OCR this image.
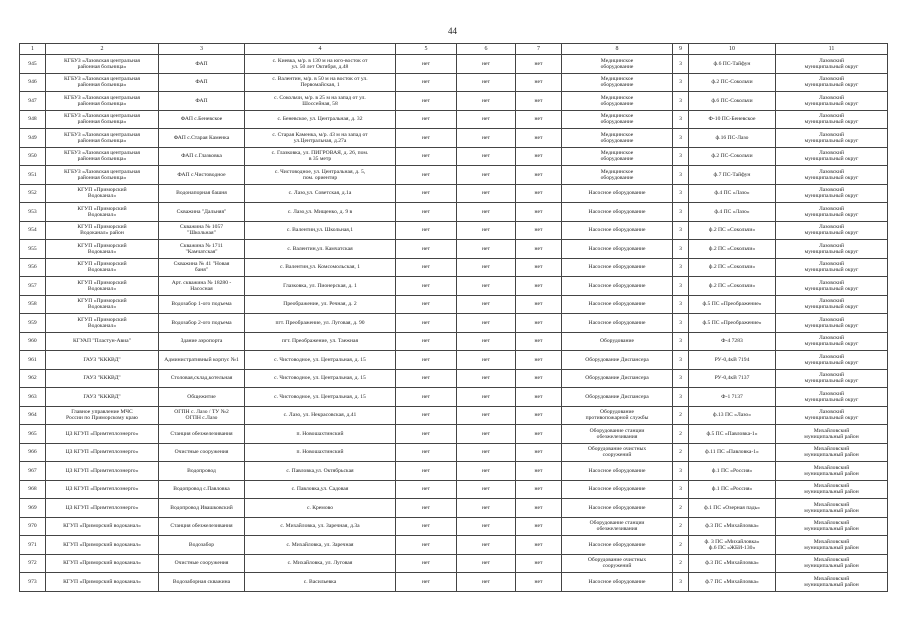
44
1	2	3	4	5	6	7	8	9	10	11
945	КГБУЗ «Лазовская центральная
районная больница»	ФАП	с. Киевка, м/р. в 130 м на юго-восток от
ул. 50 лет Октября, д.48	нет	нет	нет	Медицинское
оборудование	3	ф.6 ПС-Тайфун	Лазовский
муниципальный округ
946	КГБУЗ «Лазовская центральная
районная больница»	ФАП	с. Валентин, м/р. в 50 м на восток от ул.
Первомайская, 1	нет	нет	нет	Медицинское
оборудование	3	ф.2 ПС-Сокольчи	Лазовский
муниципальный округ
947	КГБУЗ «Лазовская центральная
районная больница»	ФАП	с. Сокольчи, м/р. в 25 м на запад от ул.
Шоссейная, 58	нет	нет	нет	Медицинское
оборудование	3	ф.6 ПС-Сокольчи	Лазовский
муниципальный округ
948	КГБУЗ «Лазовская центральная
районная больница»	ФАП с.Беневское	с. Беневское, ул. Центральная, д. 32	нет	нет	нет	Медицинское
оборудование	3	Ф-10 ПС-Беневское	Лазовский
муниципальный округ
949	КГБУЗ «Лазовская центральная
районная больница»	ФАП с.Старая Каменка	с. Старая Каменка, м/р. 43 м на запад от
ул.Центральная, д.27а	нет	нет	нет	Медицинское
оборудование	3	ф.16 ПС-Лазо	Лазовский
муниципальный округ
950	КГБУЗ «Лазовская центральная
районная больница»	ФАП с.Глазковка	с. Глазковка, ул. ПИГРОВАЯ, д. 26, пом.
в 35 метр	нет	нет	нет	Медицинское
оборудование	3	ф.2 ПС-Сокольчи	Лазовский
муниципальный округ
951	КГБУЗ «Лазовская центральная
районная больница»	ФАП с.Чистоводное	с. Чистоводное, ул. Центральная, д. 5,
пом. ориентир	нет	нет	нет	Медицинское
оборудование	3	ф.7 ПС-Тайфун	Лазовский
муниципальный округ
952	КГУП «Приморский
Водоканал»	Водонапорная башня	с. Лазо,ул. Советская, д.1а	нет	нет	нет	Насосное оборудование	3	ф.4 ПС «Лазо»	Лазовский
муниципальный округ
953	КГУП «Приморский
Водоканал»	Скважина "Дальняя"	с. Лазо,ул. Мищенко, д. 9 в	нет	нет	нет	Насосное оборудование	3	ф.4 ПС «Лазо»	Лазовский
муниципальный округ
954	КГУП «Приморский
Водоканал» район	Скважина № 1057
"Школьная"	с. Валентин,ул. Школьная,1	нет	нет	нет	Насосное оборудование	3	ф.2 ПС «Сокольчи»	Лазовский
муниципальный округ
955	КГУП «Приморский
Водоканал»	Скважина № 1711
"Камчатская"	с. Валентин,ул. Камчатская	нет	нет	нет	Насосное оборудование	3	ф.2 ПС «Сокольчи»	Лазовский
муниципальный округ
956	КГУП «Приморский
Водоканал»	Скважина № 41 "Новая
баня"	с. Валентин,ул. Комсомольская, 1	нет	нет	нет	Насосное оборудование	3	ф.2 ПС «Сокольчи»	Лазовский
муниципальный округ
957	КГУП «Приморский
Водоканал»	Арт. скважина № 18280 -
Насосная	Глазковка, ул. Пионерская, д. 1	нет	нет	нет	Насосное оборудование	3	ф.2 ПС «Сокольчи»	Лазовский
муниципальный округ
958	КГУП «Приморский
Водоканал»	Водозабор 1-ого подъема	Преображение, ул. Речная, д. 2	нет	нет	нет	Насосное оборудование	3	ф.5 ПС «Преображение»	Лазовский
муниципальный округ
959	КГУП «Приморский
Водоканал»	Водозабор 2-ого подъема	пгт. Преображение, ул. Луговая, д. 90	нет	нет	нет	Насосное оборудование	3	ф.5 ПС «Преображение»	Лазовский
муниципальный округ
960	КГУАП "Пластун-Авиа"	Здание аэропорта	пгт. Преображение, ул. Таежная	нет	нет	нет	Оборудование	3	Ф-4 7283	Лазовский
муниципальный округ
961	ГАУЗ "КККВД"	Административный корпус №1	с. Чистоводное, ул. Центральная, д. 15	нет	нет	нет	Оборудование Диспансера	3	РУ-0,4кВ 7194	Лазовский
муниципальный округ
962	ГАУЗ "КККВД"	Столовая,склад,котельная	с. Чистоводное, ул. Центральная, д. 15	нет	нет	нет	Оборудование Диспансера	3	РУ-0,4кВ 7137	Лазовский
муниципальный округ
963	ГАУЗ "КККВД"	Общежитие	с. Чистоводное, ул. Центральная, д. 15	нет	нет	нет	Оборудование Диспансера	3	Ф-1 7137	Лазовский
муниципальный округ
964	Главное управление МЧС
России по Приморскому краю	ОГПН с. Лазо / ТУ №2
ОГПН с.Лазо	с. Лазо, ул. Некрасовская, д.41	нет	нет	нет	Оборудование
противопожарной службы	2	ф.13 ПС «Лазо»	Лазовский
муниципальный округ
965	ЦЗ КГУП «Примтеплоэнерго»	Станция обезжелезивания	п. Новошахтинский	нет	нет	нет	Оборудование станции
обезжелезивания	2	ф.5 ПС «Павловка-1»	Михайловский
муниципальный район
966	ЦЗ КГУП «Примтеплоэнерго»	Очистные сооружения	п. Новошахтинский	нет	нет	нет	Оборудование очистных
сооружений	2	ф.11 ПС «Павловка-1»	Михайловский
муниципальный район
967	ЦЗ КГУП «Примтеплоэнерго»	Водопровод	с. Павловка,ул. Октябрьская	нет	нет	нет	Насосное оборудование	3	ф.1 ПС «Россия»	Михайловский
муниципальный район
968	ЦЗ КГУП «Примтеплоэнерго»	Водопровод с.Павловка	с. Павловка,ул. Садовая	нет	нет	нет	Насосное оборудование	3	ф.1 ПС «Россия»	Михайловский
муниципальный район
969	ЦЗ КГУП «Примтеплоэнерго»	Водопровод Ивашковский	с. Кремово	нет	нет	нет	Насосное оборудование	2	ф.1 ПС «Озерная падь»	Михайловский
муниципальный район
970	КГУП «Приморский водоканал»	Станция обезжелезивания	с. Михайловка, ул. Заречная, д.3а	нет	нет	нет	Оборудование станции
обезжелезивания	2	ф.3 ПС «Михайловка»	Михайловский
муниципальный район
971	КГУП «Приморский водоканал»	Водозабор	с. Михайловка, ул. Заречная	нет	нет	нет	Насосное оборудование	2	ф. 3 ПС «Михайловка»
ф.6 ПС «ЖБИ-130»	Михайловский
муниципальный район
972	КГУП «Приморский водоканал»	Очистные сооружения	с. Михайловка, ул. Луговая	нет	нет	нет	Оборудование очистных
сооружений	2	ф.3 ПС «Михайловка»	Михайловский
муниципальный район
973	КГУП «Приморский водоканал»	Водозаборная скважина	с. Васильевка	нет	нет	нет	Насосное оборудование	3	ф.7 ПС «Михайловка»	Михайловский
муниципальный район
